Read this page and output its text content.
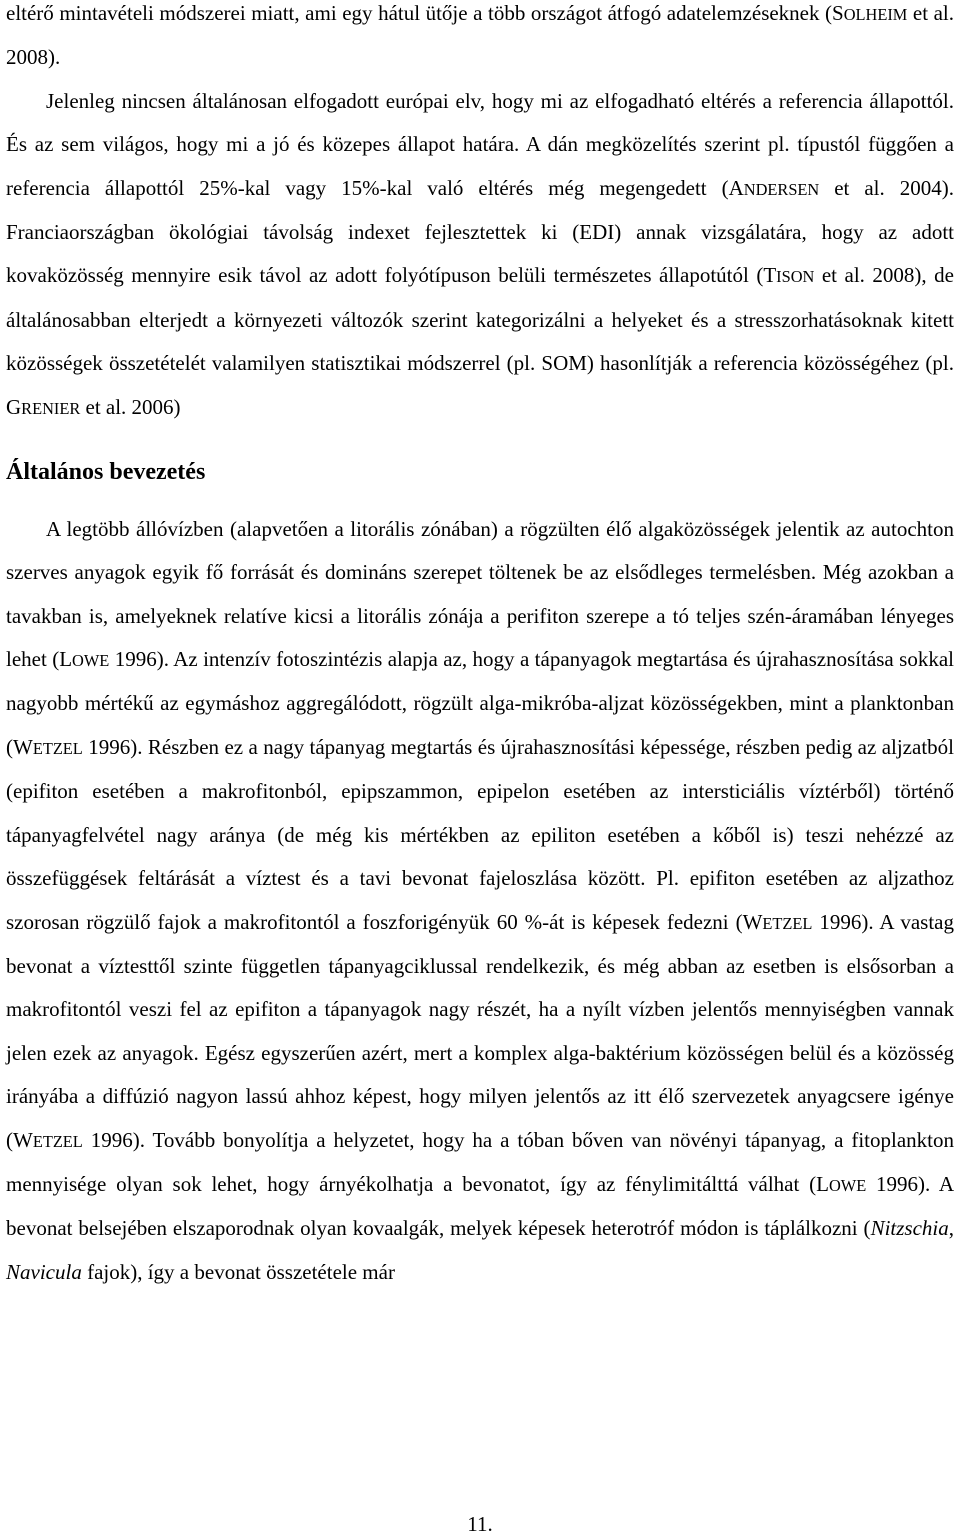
eltérő mintavételi módszerei miatt, ami egy hátul ütője a több országot átfogó adatelemzéseknek (SOLHEIM et al. 2008).

Jelenleg nincsen általánosan elfogadott európai elv, hogy mi az elfogadható eltérés a referencia állapottól. És az sem világos, hogy mi a jó és közepes állapot határa. A dán megközelítés szerint pl. típustól függően a referencia állapottól 25%-kal vagy 15%-kal való eltérés még megengedett (ANDERSEN et al. 2004). Franciaországban ökológiai távolság indexet fejlesztettek ki (EDI) annak vizsgálatára, hogy az adott kovaközösség mennyire esik távol az adott folyótípuson belüli természetes állapotútól (TISON et al. 2008), de általánosabban elterjedt a környezeti változók szerint kategorizálni a helyeket és a stresszorhatásoknak kitett közösségek összetételét valamilyen statisztikai módszerrel (pl. SOM) hasonlítják a referencia közösségéhez (pl. GRENIER et al. 2006)

Általános bevezetés

A legtöbb állóvízben (alapvetően a litorális zónában) a rögzülten élő algaközösségek jelentik az autochton szerves anyagok egyik fő forrását és domináns szerepet töltenek be az elsődleges termelésben. Még azokban a tavakban is, amelyeknek relatíve kicsi a litorális zónája a perifiton szerepe a tó teljes szén-áramában lényeges lehet (LOWE 1996). Az intenzív fotoszintézis alapja az, hogy a tápanyagok megtartása és újrahasznosítása sokkal nagyobb mértékű az egymáshoz aggregálódott, rögzült alga-mikróba-aljzat közösségekben, mint a planktonban (WETZEL 1996). Részben ez a nagy tápanyag megtartás és újrahasznosítási képessége, részben pedig az aljzatból (epifiton esetében a makrofitonból, epipszammon, epipelon esetében az intersticiális víztérből) történő tápanyagfelvétel nagy aránya (de még kis mértékben az epiliton esetében a kőből is) teszi nehézzé az összefüggések feltárását a víztest és a tavi bevonat fajeloszlása között. Pl. epifiton esetében az aljzathoz szorosan rögzülő fajok a makrofitontól a foszforigényük 60 %-át is képesek fedezni (WETZEL 1996). A vastag bevonat a víztesttől szinte független tápanyagciklussal rendelkezik, és még abban az esetben is elsősorban a makrofitontól veszi fel az epifiton a tápanyagok nagy részét, ha a nyílt vízben jelentős mennyiségben vannak jelen ezek az anyagok. Egész egyszerűen azért, mert a komplex alga-baktérium közösségen belül és a közösség irányába a diffúzió nagyon lassú ahhoz képest, hogy milyen jelentős az itt élő szervezetek anyagcsere igénye (WETZEL 1996). Tovább bonyolítja a helyzetet, hogy ha a tóban bőven van növényi tápanyag, a fitoplankton mennyisége olyan sok lehet, hogy árnyékolhatja a bevonatot, így az fénylimitálttá válhat (LOWE 1996). A bevonat belsejében elszaporodnak olyan kovaalgák, melyek képesek heterotróf módon is táplálkozni (Nitzschia, Navicula fajok), így a bevonat összetétele már

11.
